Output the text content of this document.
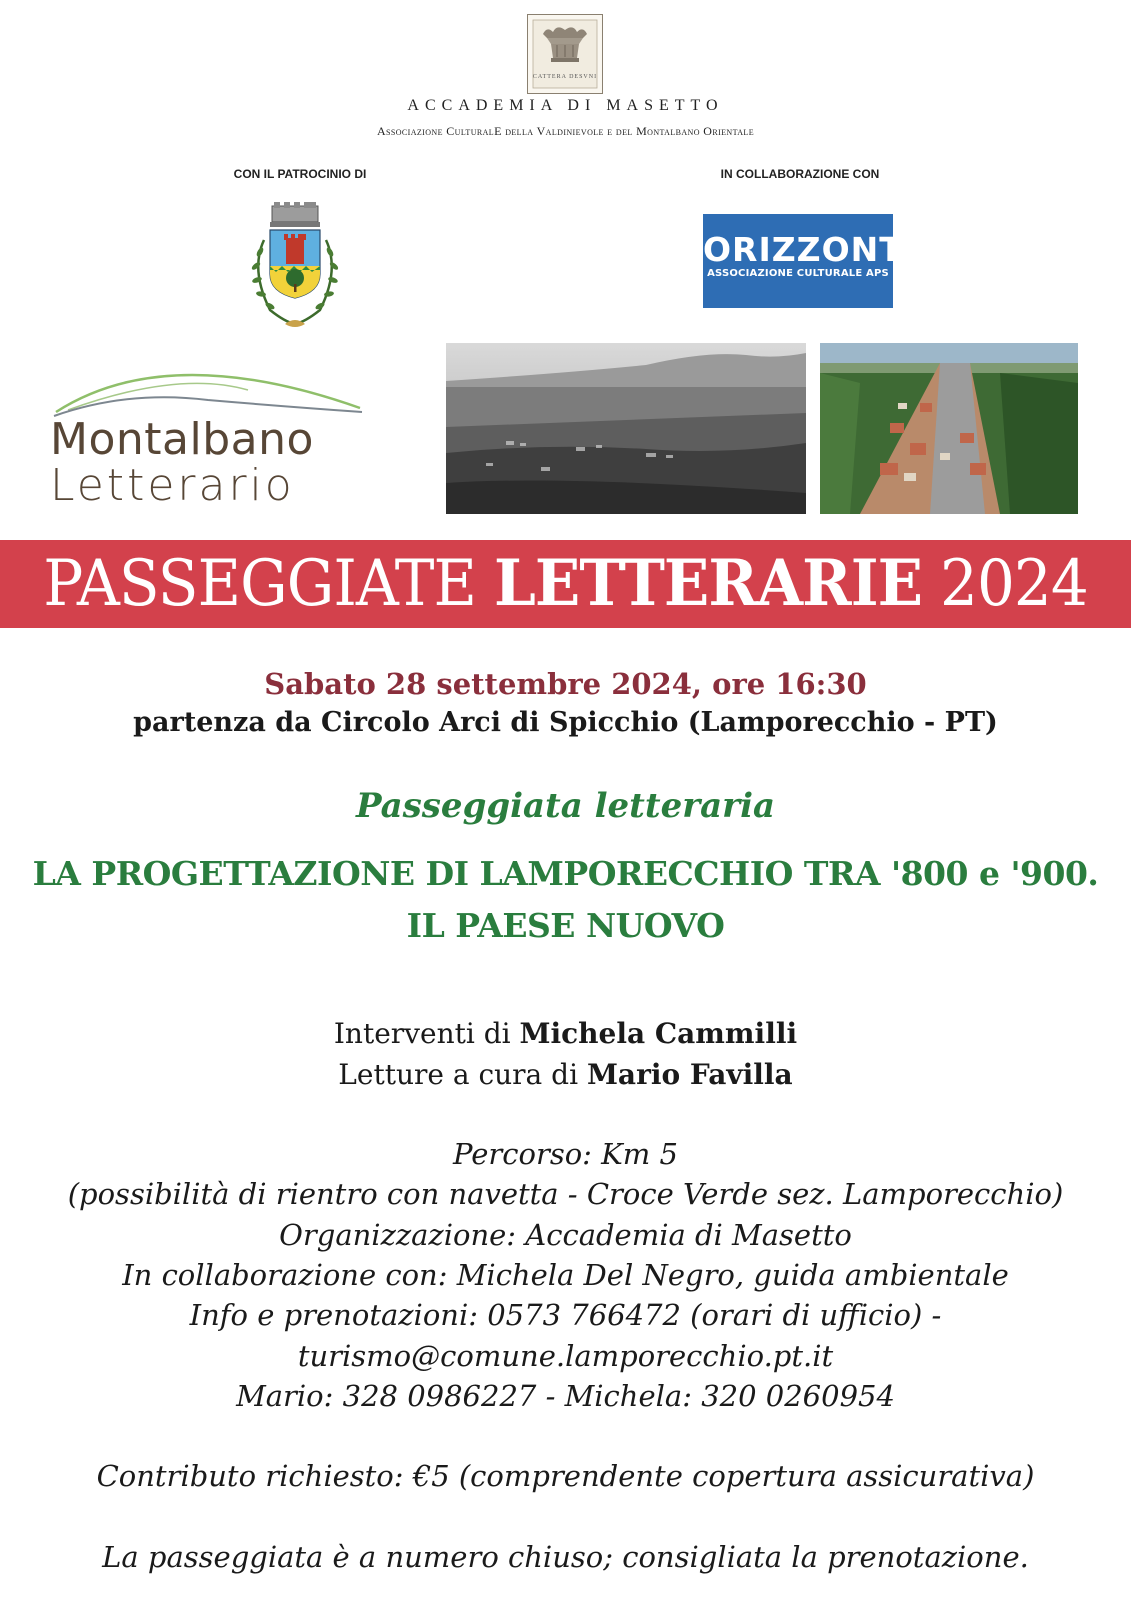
CATTERA DESVNI
ACCADEMIA DI MASETTO
Associazione CulturalE della Valdinievole e del Montalbano Orientale
CON IL PATROCINIO DI	IN COLLABORAZIONE CON
ORIZZONTI
ASSOCIAZIONE CULTURALE APS
Montalbano
Letterario
PASSEGGIATE LETTERARIE 2024
Sabato 28 settembre 2024, ore 16:30
partenza da Circolo Arci di Spicchio (Lamporecchio - PT)
Passeggiata letteraria
LA PROGETTAZIONE DI LAMPORECCHIO TRA '800 e '900.
IL PAESE NUOVO
Interventi di Michela Cammilli
Letture a cura di Mario Favilla
Percorso: Km 5
(possibilità di rientro con navetta - Croce Verde sez. Lamporecchio)
Organizzazione: Accademia di Masetto
In collaborazione con: Michela Del Negro, guida ambientale
Info e prenotazioni: 0573 766472 (orari di ufficio) -
turismo@comune.lamporecchio.pt.it
Mario: 328 0986227 - Michela: 320 0260954
Contributo richiesto: €5 (comprendente copertura assicurativa)
La passeggiata è a numero chiuso; consigliata la prenotazione.
